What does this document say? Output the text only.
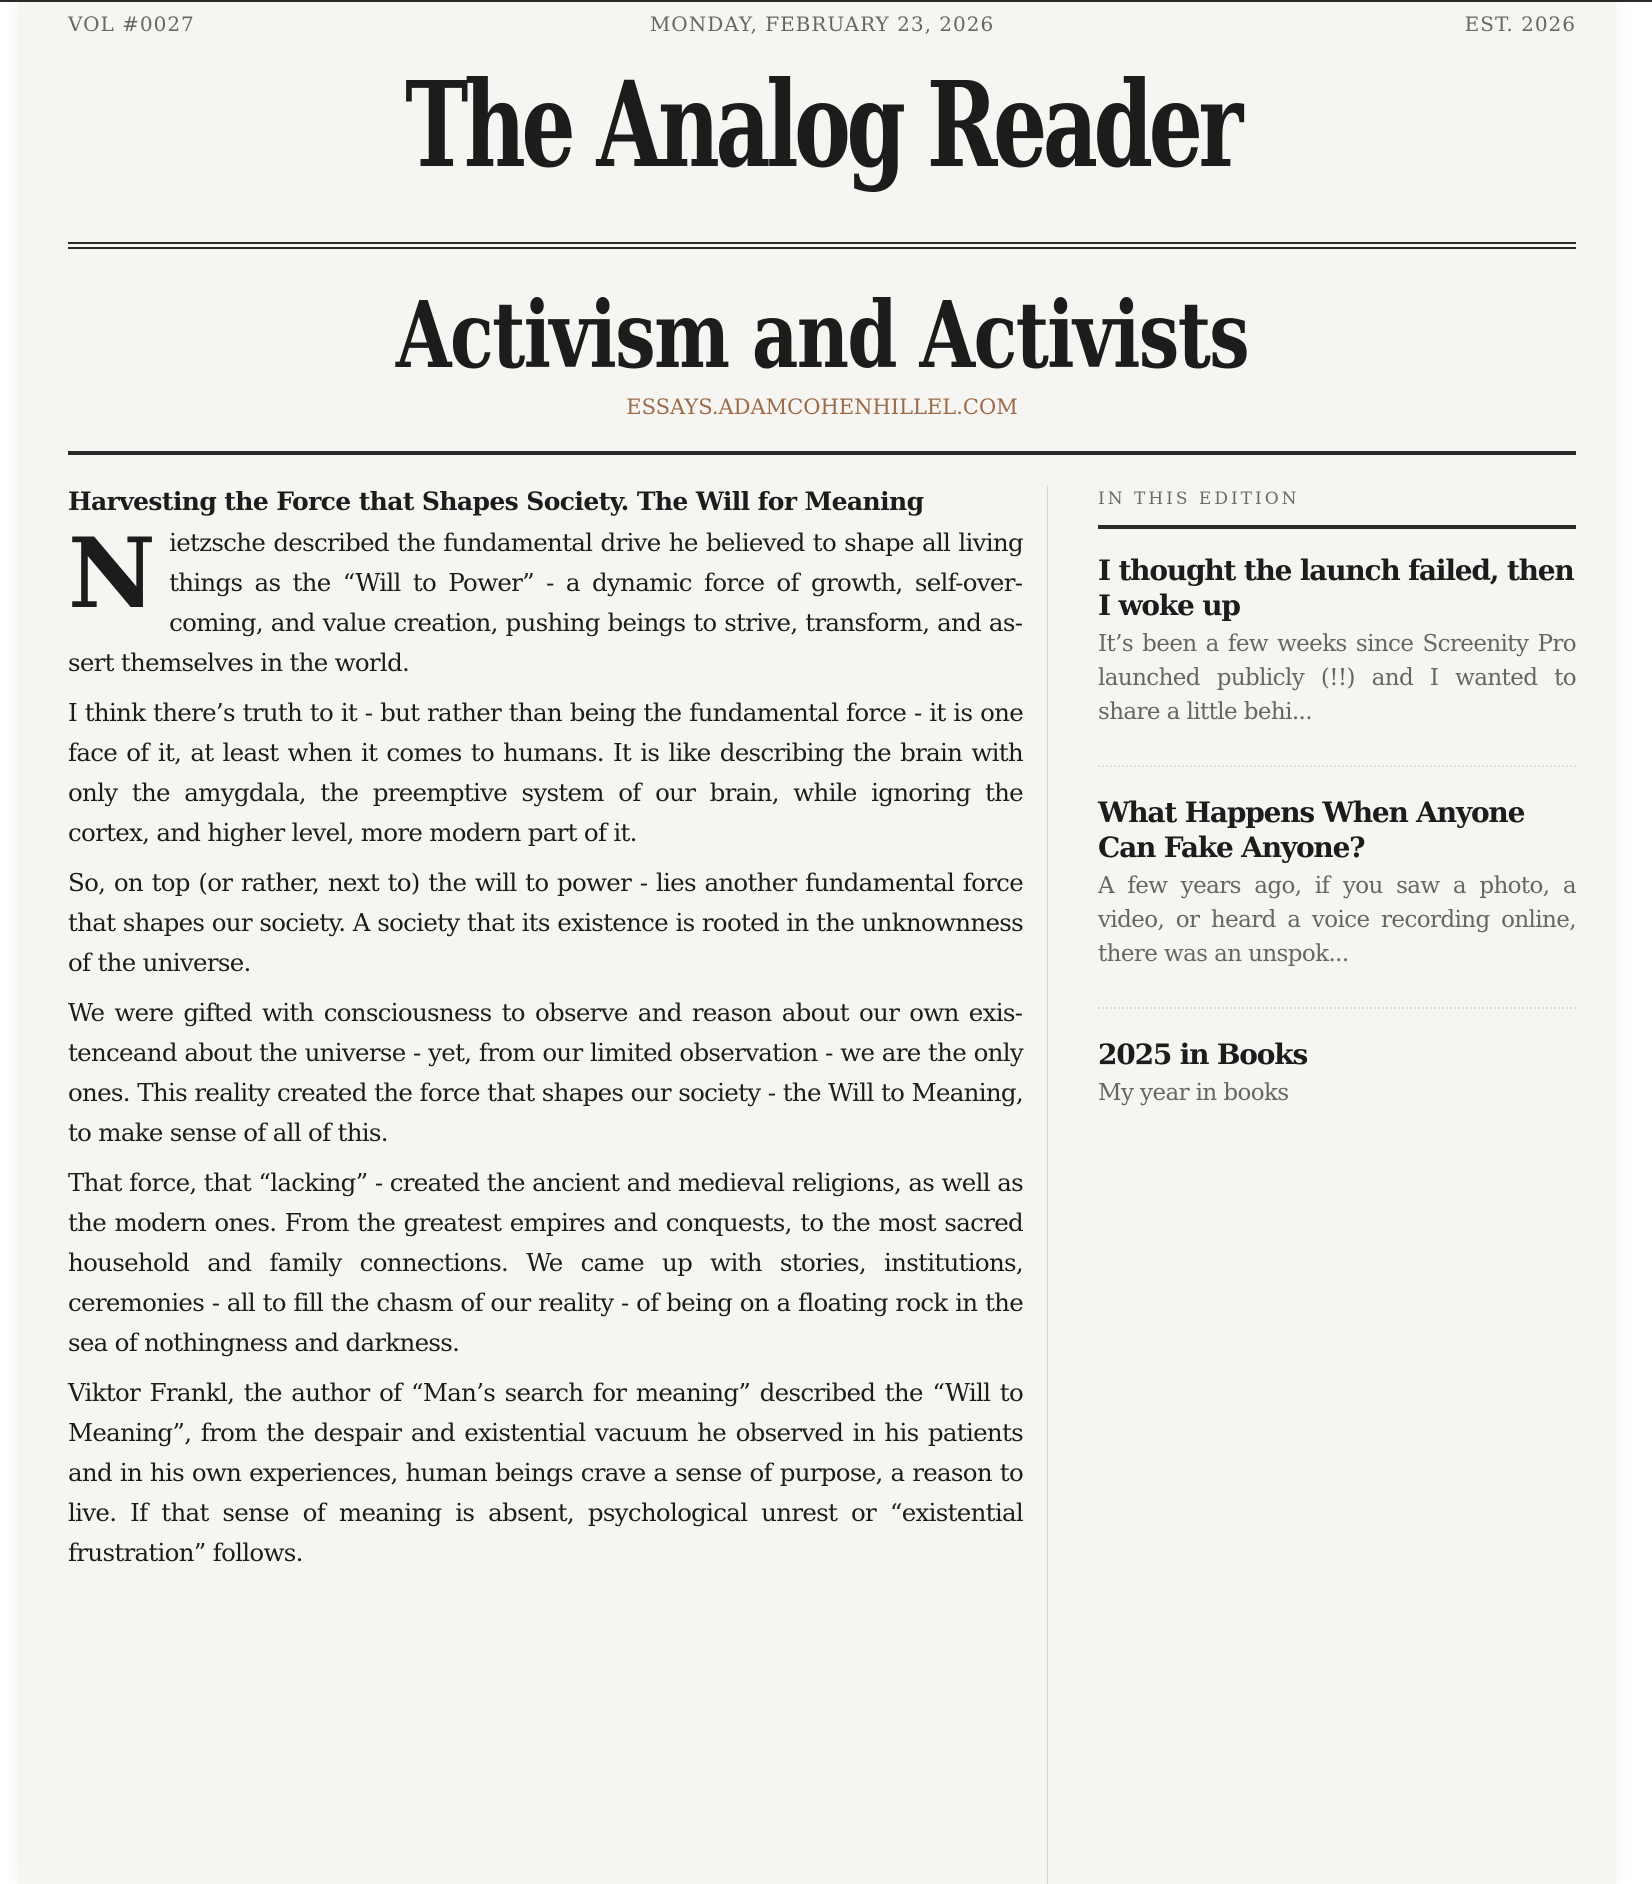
MONDAY, FEBRUARY 23, 2026
VOL #0027	EST. 2026
The Analog Reader
Activism and Activists
ESSAYS.ADAMCOHENHILLEL.COM
Harvesting the Force that Shapes Society. The Will for Meaning

Nietzsche described the fundamental drive he believed to shape all living things as the “Will to Power” - a dynamic force of growth, self-overcoming, and value creation, pushing beings to strive, transform, and assert themselves in the world.

I think there’s truth to it - but rather than being the fundamental force - it is one face of it, at least when it comes to humans. It is like describing the brain with only the amygdala, the preemptive system of our brain, while ignoring the cortex, and higher level, more modern part of it.

So, on top (or rather, next to) the will to power - lies another fundamental force that shapes our society. A society that its existence is rooted in the unknownness of the universe.

We were gifted with consciousness to observe and reason about our own existenceand about the universe - yet, from our limited observation - we are the only ones. This reality created the force that shapes our society - the Will to Meaning, to make sense of all of this.

That force, that “lacking” - created the ancient and medieval religions, as well as the modern ones. From the greatest empires and conquests, to the most sacred household and family connections. We came up with stories, institutions, ceremonies - all to fill the chasm of our reality - of being on a floating rock in the sea of nothingness and darkness.

Viktor Frankl, the author of “Man’s search for meaning” described the “Will to Meaning”, from the despair and existential vacuum he observed in his patients and in his own experiences, human beings crave a sense of purpose, a reason to live. If that sense of meaning is absent, psychological unrest or “existential frustration” follows.

IN THIS EDITION
I thought the launch failed, then I woke up

It’s been a few weeks since Screenity Pro launched publicly (!!) and I wanted to share a little behi...

What Happens When Anyone Can Fake Anyone?

A few years ago, if you saw a photo, a video, or heard a voice recording online, there was an unspok...

2025 in Books

My year in books
